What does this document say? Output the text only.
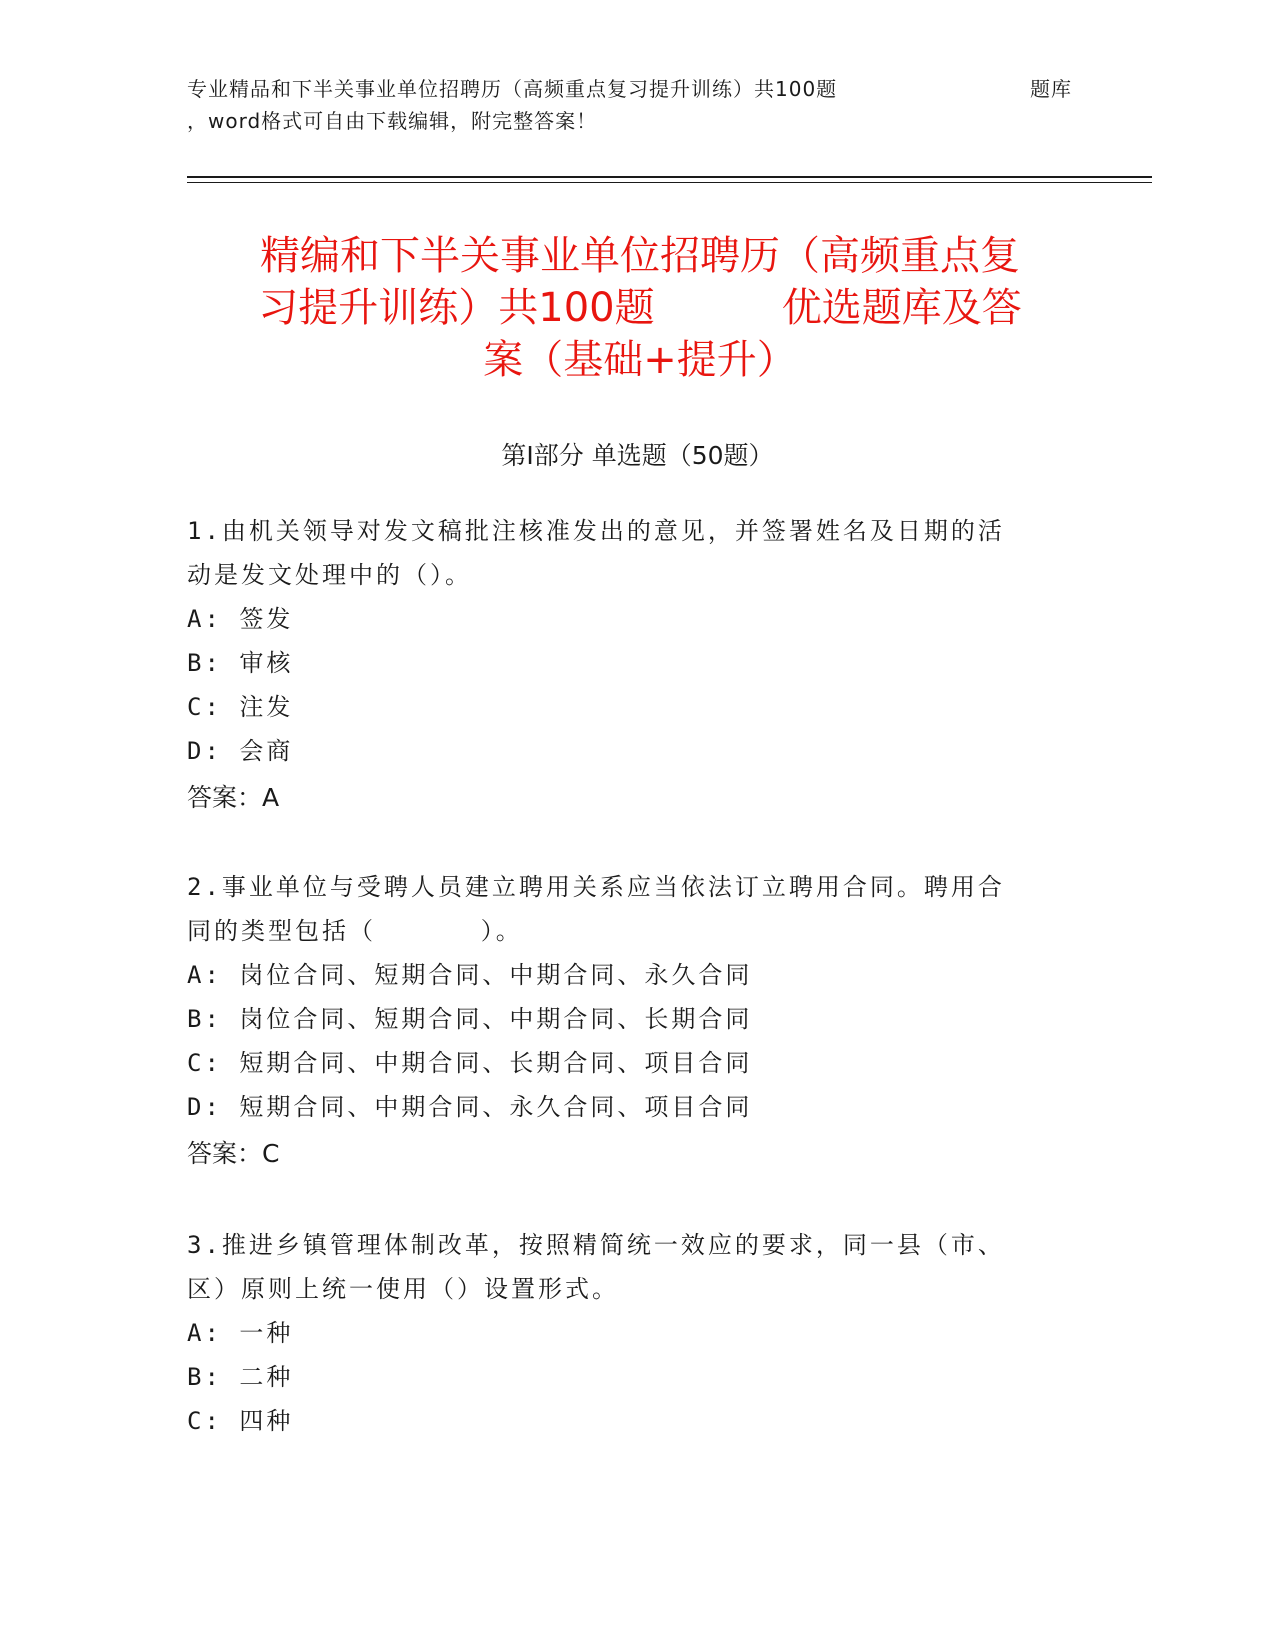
专业精品和下半关事业单位招聘历（高频重点复习提升训练）共100题	题库
，word格式可自由下载编辑，附完整答案！
精编和下半关事业单位招聘历（高频重点复
习提升训练）共100题          优选题库及答
案（基础+提升）
第Ⅰ部分 单选题（50题）
1.由机关领导对发文稿批注核准发出的意见，并签署姓名及日期的活
动是发文处理中的（）。
A: 签发
B: 审核
C: 注发
D: 会商
答案：A
2.事业单位与受聘人员建立聘用关系应当依法订立聘用合同。聘用合
同的类型包括（      ）。
A: 岗位合同、短期合同、中期合同、永久合同
B: 岗位合同、短期合同、中期合同、长期合同
C: 短期合同、中期合同、长期合同、项目合同
D: 短期合同、中期合同、永久合同、项目合同
答案：C
3.推进乡镇管理体制改革，按照精简统一效应的要求，同一县（市、
区）原则上统一使用（）设置形式。
A: 一种
B: 二种
C: 四种
